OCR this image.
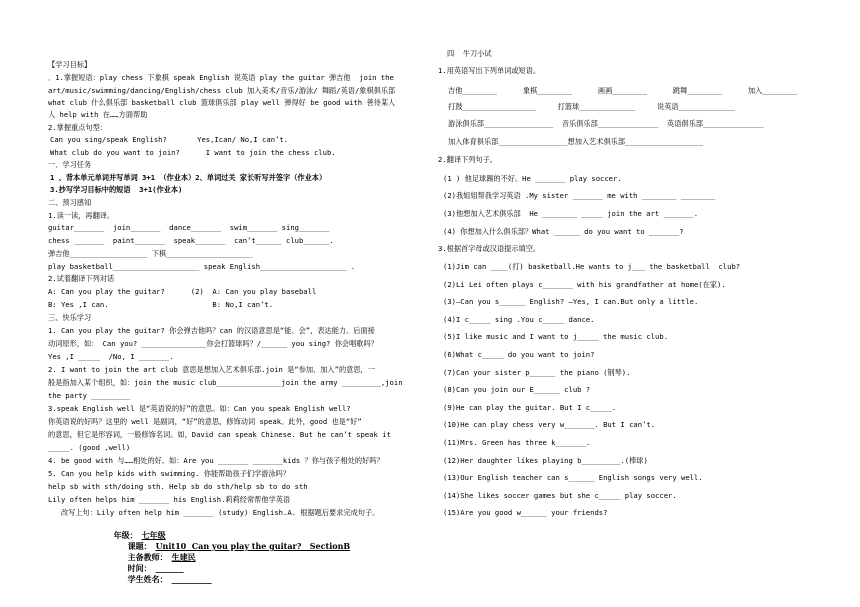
【学习目标】
．1.掌握短语：play chess 下象棋 speak English 说英语 play the guitar 弹吉他  join the
art/music/swimming/dancing/English/chess club 加入美术/音乐/游泳/ 舞蹈/英语/象棋俱乐部
what club 什么俱乐部 basketball club 篮球俱乐部 play well 弹得好 be good with 善待某人
人 help with 在……方面帮助
2.掌握重点句型：
Can you sing/speak English?       Yes,Ican/ No,I can’t.
What club do you want to join?      I want to join the chess club.
一．学习任务
1 、背本单元单词并写单词 3+1 （作业本）2、单词过关 家长听写并签字（作业本）
3.抄写学习目标中的短语  3+1(作业本)
二、预习感知
1.读一读，再翻译。
guitar_______  join_______  dance_______  swim_______ sing_______
chess _______  paint_______  speak_______  can’t______ club______.
弹吉他__________________ 下棋____________________
play basketball____________________ speak English____________________ .
2.试着翻译下列对话
A: Can you play the guitar?      (2)  A: Can you play baseball
B: Yes ,I can.                        B: No,I can’t.
三、快乐学习
1. Can you play the guitar? 你会弹吉他吗？can 的汉语意思是“能、会”，表达能力。后面接
动词原形，如： Can you? _______________你会打篮球吗？/______ you sing? 你会唱歌吗？
Yes ,I _____  /No, I _______.
2. I want to join the art club 意思是想加入艺术俱乐部.join 是“参加、加入”的意思，一
般是指加入某个组织，如：join the music club_______________join the army _________,join
the party _________
3.speak English well 是“英语说的好”的意思。如：Can you speak English well?
你英语说的好吗？这里的 well 是副词，“好”的意思，修饰动词 speak。此外，good 也是“好”
的意思，但它是形容词，一般修饰名词。如，David can speak Chinese. But he can’t speak it
_____. (good ,well)
4. be good with 与……相处的好。如：Are you _______ _______kids ？你与孩子相处的好吗？
5. Can you help kids with swimming. 你能帮助孩子们学游泳吗？
help sb with sth/doing sth. Help sb do sth/help sb to do sth
Lily often helps him _______ his English.莉莉经常帮他学英语
改写上句：Lily often help him _______ (study) English.A. 根据题后要求完成句子。
四  牛刀小试
1.用英语写出下列单词或短语。
吉他________      象棋________      画画________      跳舞________      加入________
打鼓_________________     打篮球_____________     说英语_____________
游泳俱乐部________________  音乐俱乐部______________  英语俱乐部______________
加入体育俱乐部________________想加入艺术俱乐部__________________
2.翻译下列句子。
(1 ) 他足球踢的不好。He _______ play soccer.
(2)我姐姐帮我学习英语 .My sister _______ me with ________ ________
(3)他想加入艺术俱乐部  He ________ _____ join the art _______.
(4) 你想加入什么俱乐部？What ______ do you want to _______?
3.根据首字母或汉语提示填空。
(1)Jim can ____(打) basketball.He wants to j___ the basketball  club?
(2)Li Lei often plays c_______ with his grandfather at home(在家).
(3)—Can you s______ English? —Yes, I can.But only a little.
(4)I c_____ sing .You c_____ dance.
(5)I like music and I want to j_____ the music club.
(6)What c_____ do you want to join?
(7)Can your sister p______ the piano (钢琴).
(8)Can you join our E______ club ?
(9)He can play the guitar. But I c_____.
(10)He can play chess very w_______. But I can’t.
(11)Mrs. Green has three k_______.
(12)Her daughter likes playing b_________.(棒球)
(13)Our English teacher can s______ English songs very well.
(14)She likes soccer games but she c_____ play soccer.
(15)Are you good w______ your friends?

年级： 七年级
课题： Unit10  Can you play the guitar?   SectionB
主备教师： 生建民
时间： _______
学生姓名： __________
